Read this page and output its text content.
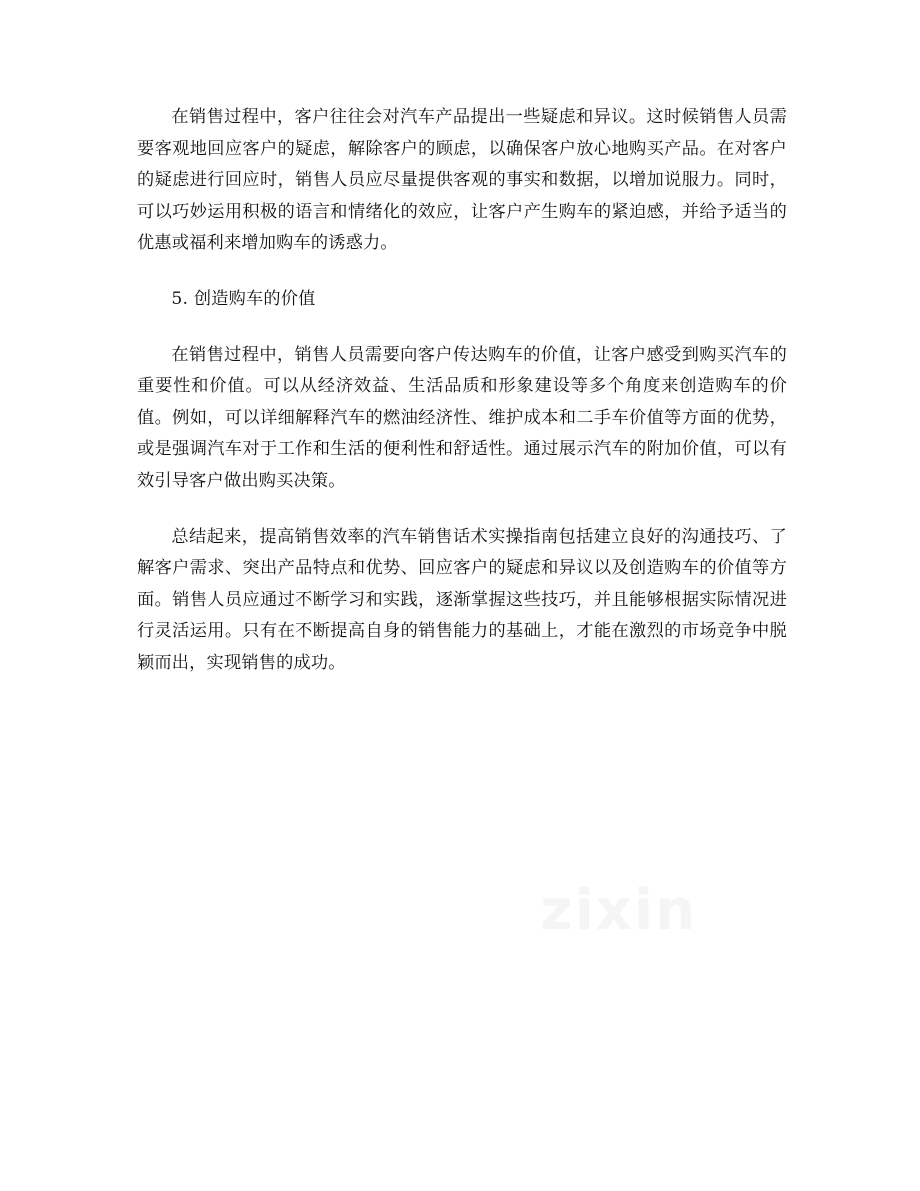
在销售过程中，客户往往会对汽车产品提出一些疑虑和异议。这时候销售人员需要客观地回应客户的疑虑，解除客户的顾虑，以确保客户放心地购买产品。在对客户的疑虑进行回应时，销售人员应尽量提供客观的事实和数据，以增加说服力。同时，可以巧妙运用积极的语言和情绪化的效应，让客户产生购车的紧迫感，并给予适当的优惠或福利来增加购车的诱惑力。

5. 创造购车的价值

在销售过程中，销售人员需要向客户传达购车的价值，让客户感受到购买汽车的重要性和价值。可以从经济效益、生活品质和形象建设等多个角度来创造购车的价值。例如，可以详细解释汽车的燃油经济性、维护成本和二手车价值等方面的优势，或是强调汽车对于工作和生活的便利性和舒适性。通过展示汽车的附加价值，可以有效引导客户做出购买决策。

总结起来，提高销售效率的汽车销售话术实操指南包括建立良好的沟通技巧、了解客户需求、突出产品特点和优势、回应客户的疑虑和异议以及创造购车的价值等方面。销售人员应通过不断学习和实践，逐渐掌握这些技巧，并且能够根据实际情况进行灵活运用。只有在不断提高自身的销售能力的基础上，才能在激烈的市场竞争中脱颖而出，实现销售的成功。
